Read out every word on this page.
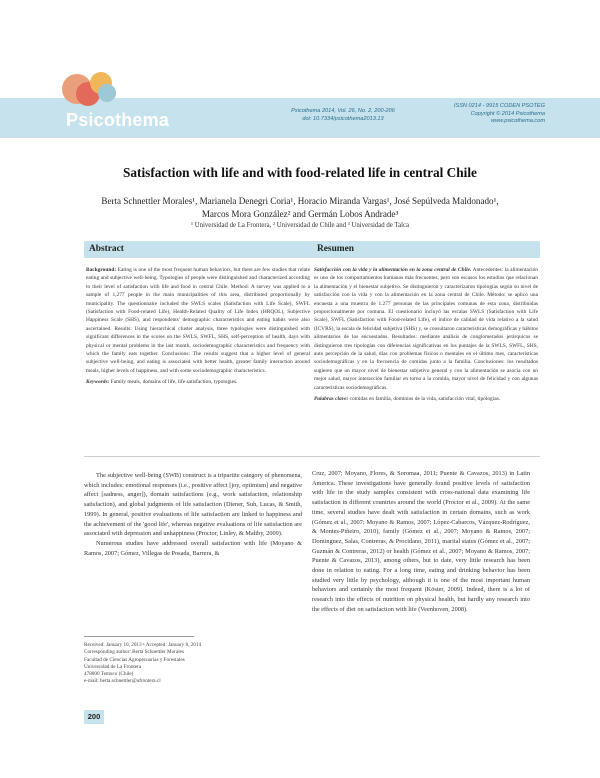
Psicothema	Psicothema 2014, Vol. 26, No. 2, 200-206
doi: 10.7334/psicothema2013.13
ISSN 0214 - 9915 CODEN PSOTEG
Copyright © 2014 Psicothema
www.psicothema.com
Satisfaction with life and with food-related life in central Chile
Berta Schnettler Morales¹, Marianela Denegri Coria¹, Horacio Miranda Vargas¹, José Sepúlveda Maldonado¹,
Marcos Mora González² and Germán Lobos Andrade³
¹ Universidad de La Frontera, ² Universidad de Chile and ³ Universidad de Talca
Abstract

Background: Eating is one of the most frequent human behaviors, but there are few studies that relate eating and subjective well-being. Typologies of people were distinguished and characterized according to their level of satisfaction with life and food in central Chile. Method: A survey was applied to a sample of 1,277 people in the main municipalities of this area, distributed proportionally by municipality. The questionnaire included the SWLS scales (Satisfaction with Life Scale), SWFL (Satisfaction with Food-related Life), Health-Related Quality of Life Index (HRQOL), Subjective Happiness Scale (SHS), and respondents' demographic characteristics and eating habits were also ascertained. Results: Using hierarchical cluster analysis, three typologies were distinguished with significant differences in the scores on the SWLS, SWFL, SHS, self-perception of health, days with physical or mental problems in the last month, sociodemographic characteristics and frequency with which the family eats together. Conclusions: The results suggest that a higher level of general subjective well-being, and eating is associated with better health, greater family interaction around meals, higher levels of happiness, and with some sociodemographic characteristics.

Keywords: Family meals, domains of life, life satisfaction, typologies.

Resumen

Satisfacción con la vida y la alimentación en la zona central de Chile. Antecedentes: la alimentación es uno de los comportamientos humanos más frecuentes, pero son escasos los estudios que relacionan la alimentación y el bienestar subjetivo. Se distinguieron y caracterizaron tipologías según su nivel de satisfacción con la vida y con la alimentación en la zona central de Chile. Método: se aplicó una encuesta a una muestra de 1.277 personas de las principales comunas de esta zona, distribuidas proporcionalmente por comuna. El cuestionario incluyó las escalas SWLS (Satisfaction with Life Scale), SWFL (Satisfaction with Food-related Life), el índice de calidad de vida relativo a la salud (ICVRS), la escala de felicidad subjetiva (SHS) y, se consultaron características demográficas y hábitos alimentarios de los encuestados. Resultados: mediante análisis de conglomerados jerárquicos se distinguieron tres tipologías con diferencias significativas en los puntajes de la SWLS, SWFL, SHS, auto percepción de la salud, días con problemas físicos o mentales en el último mes, características sociodemográficas y en la frecuencia de comidas junto a la familia. Conclusiones: los resultados sugieren que un mayor nivel de bienestar subjetivo general y con la alimentación se asocia con un mejor salud, mayor interacción familiar en torno a la comida, mayor nivel de felicidad y con algunas características sociodemográficas.

Palabras clave: comidas en familia, dominios de la vida, satisfacción vital, tipologías.

The subjective well-being (SWB) construct is a tripartite category of phenomena, which includes: emotional responses (i.e., positive affect [joy, optimism] and negative affect [sadness, anger]), domain satisfactions (e.g., work satisfaction, relationship satisfaction), and global judgments of life satisfaction (Diener, Suh, Lucas, & Smith, 1999). In general, positive evaluations of life satisfaction are linked to happiness and the achievement of the 'good life', whereas negative evaluations of life satisfaction are associated with depression and unhappiness (Proctor, Linley, & Maltby, 2009).

Numerous studies have addressed overall satisfaction with life (Moyano & Ramos, 2007; Gómez, Villegas de Posada, Barrera, &

Cruz, 2007; Moyano, Flores, & Soromaa, 2011; Puente & Cavazos, 2013) in Latin America. These investigations have generally found positive levels of satisfaction with life in the study samples consistent with cross-national data examining life satisfaction in different countries around the world (Proctor et al., 2009). At the same time, several studies have dealt with satisfaction in certain domains, such as work (Gómez et al., 2007; Moyano & Ramos, 2007; López-Cabarcos, Vázquez-Rodríguez, & Montes-Piñeiro, 2010), family (Gómez et al., 2007; Moyano & Ramos, 2007; Dominguez, Salas, Contreras, & Procidano, 2011), marital status (Gómez et al., 2007; Guzmán & Contreras, 2012) or health (Gómez et al., 2007; Moyano & Ramos, 2007; Puente & Cavazos, 2013), among others, but to date, very little research has been done in relation to eating. For a long time, eating and drinking behavior has been studied very little by psychology, although it is one of the most important human behaviors and certainly the most frequent (Köster, 2009). Indeed, there is a lot of research into the effects of nutrition on physical health, but hardly any research into the effects of diet on satisfaction with life (Veenhoven, 2008).

Received: January 10, 2013 • Accepted: January 8, 2014
Corresponding author: Berta Schnettler Morales
Facultad de Ciencias Agropecuarias y Forestales
Universidad de La Frontera
478000 Temuco (Chile)
e-mail: berta.schnettler@ufrontera.cl
200
